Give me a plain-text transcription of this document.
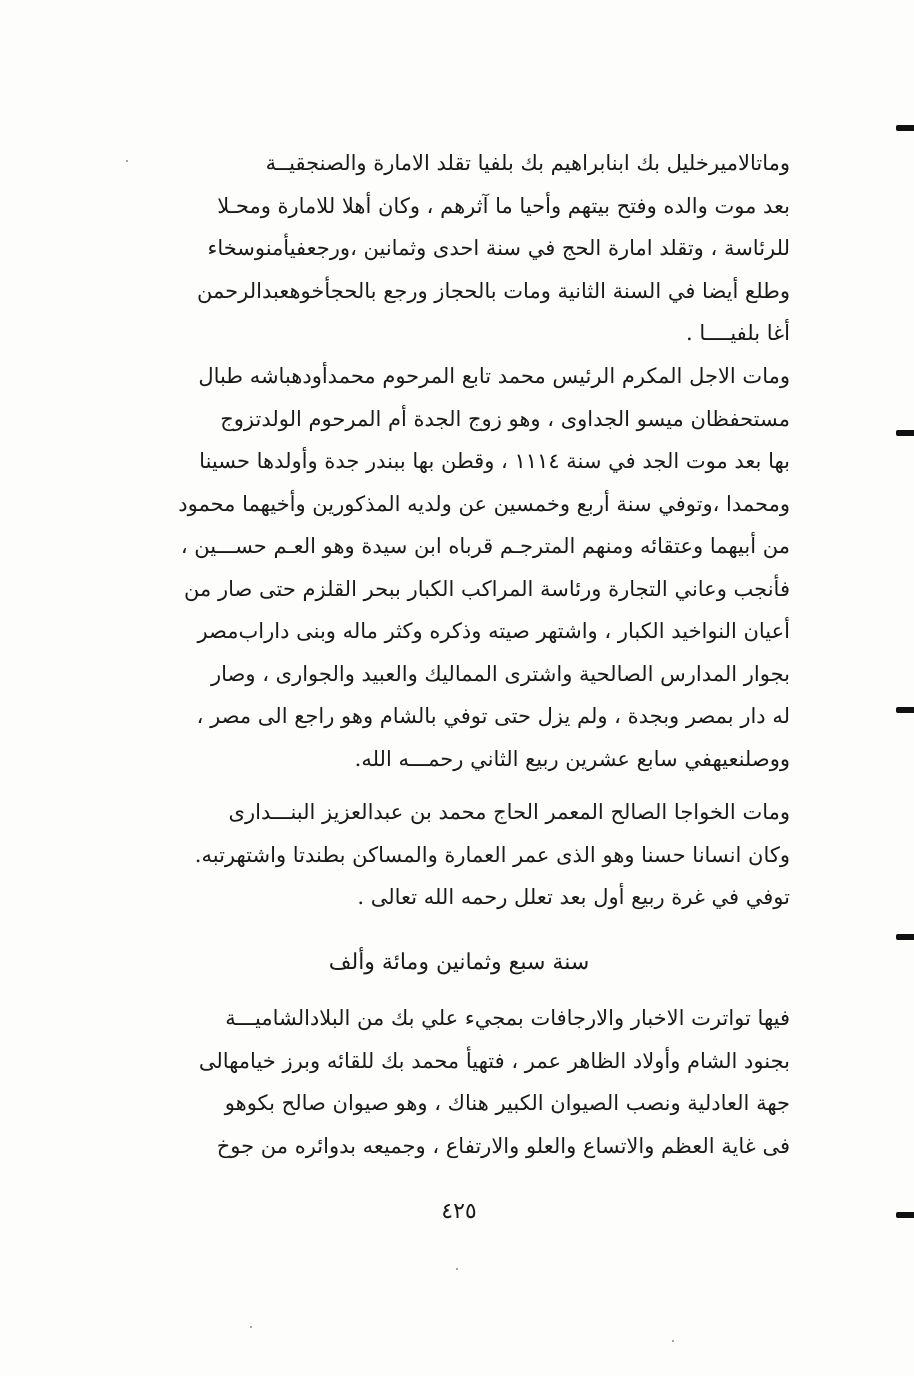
وماتالاميرخليل بك ابنابراهيم بك بلفيا تقلد الامارة والصنجقيــة
بعد موت والده وفتح بيتهم وأحيا ما آثرهم ، وكان أهلا للامارة ومحـلا
للرئاسة ، وتقلد امارة الحج في سنة احدى وثمانين ،ورجعفيأمنوسخاء
وطلع أيضا في السنة الثانية ومات بالحجاز ورجع بالحجأخوهعبدالرحمن
أغا بلفيــــا .
ومات الاجل المكرم الرئيس محمد تابع المرحوم محمدأودهباشه طبال
مستحفظان ميسو الجداوى ، وهو زوج الجدة أم المرحوم الولدتزوج
بها بعد موت الجد في سنة ١١١٤ ، وقطن بها ببندر جدة وأولدها حسينا
ومحمدا ،وتوفي سنة أربع وخمسين عن ولديه المذكورين وأخيهما محمود
من أبيهما وعتقائه ومنهم المترجـم قرباه ابن سيدة وهو العـم حســـين ،
فأنجب وعاني التجارة ورئاسة المراكب الكبار ببحر القلزم حتى صار من
أعيان النواخيد الكبار ، واشتهر صيته وذكره وكثر ماله وبنى داراب‌مصر
بجوار المدارس الصالحية واشترى المماليك والعبيد والجوارى ، وصار
له دار بمصر وبجدة ، ولم يزل حتى توفي بالشام وهو راجع الى مصر ،
ووصلنعيهفي سابع عشرين ربيع الثاني رحمـــه الله.
ومات الخواجا الصالح المعمر الحاج محمد بن عبدالعزيز البنـــدارى
وكان انسانا حسنا وهو الذى عمر العمارة والمساكن بطندتا واشتهرتبه.
توفي في غرة ربيع أول بعد تعلل رحمه الله تعالى .
سنة سبع وثمانين ومائة وألف
فيها تواترت الاخبار والارجافات بمجيء علي بك من البلادالشاميـــة
بجنود الشام وأولاد الظاهر عمر ، فتهيأ محمد بك للقائه وبرز خيامهالى
جهة العادلية ونصب الصيوان الكبير هناك ، وهو صيوان صالح بكوهو
فى غاية العظم والاتساع والعلو والارتفاع ، وجميعه بدوائره من جوخ
٤٢٥
